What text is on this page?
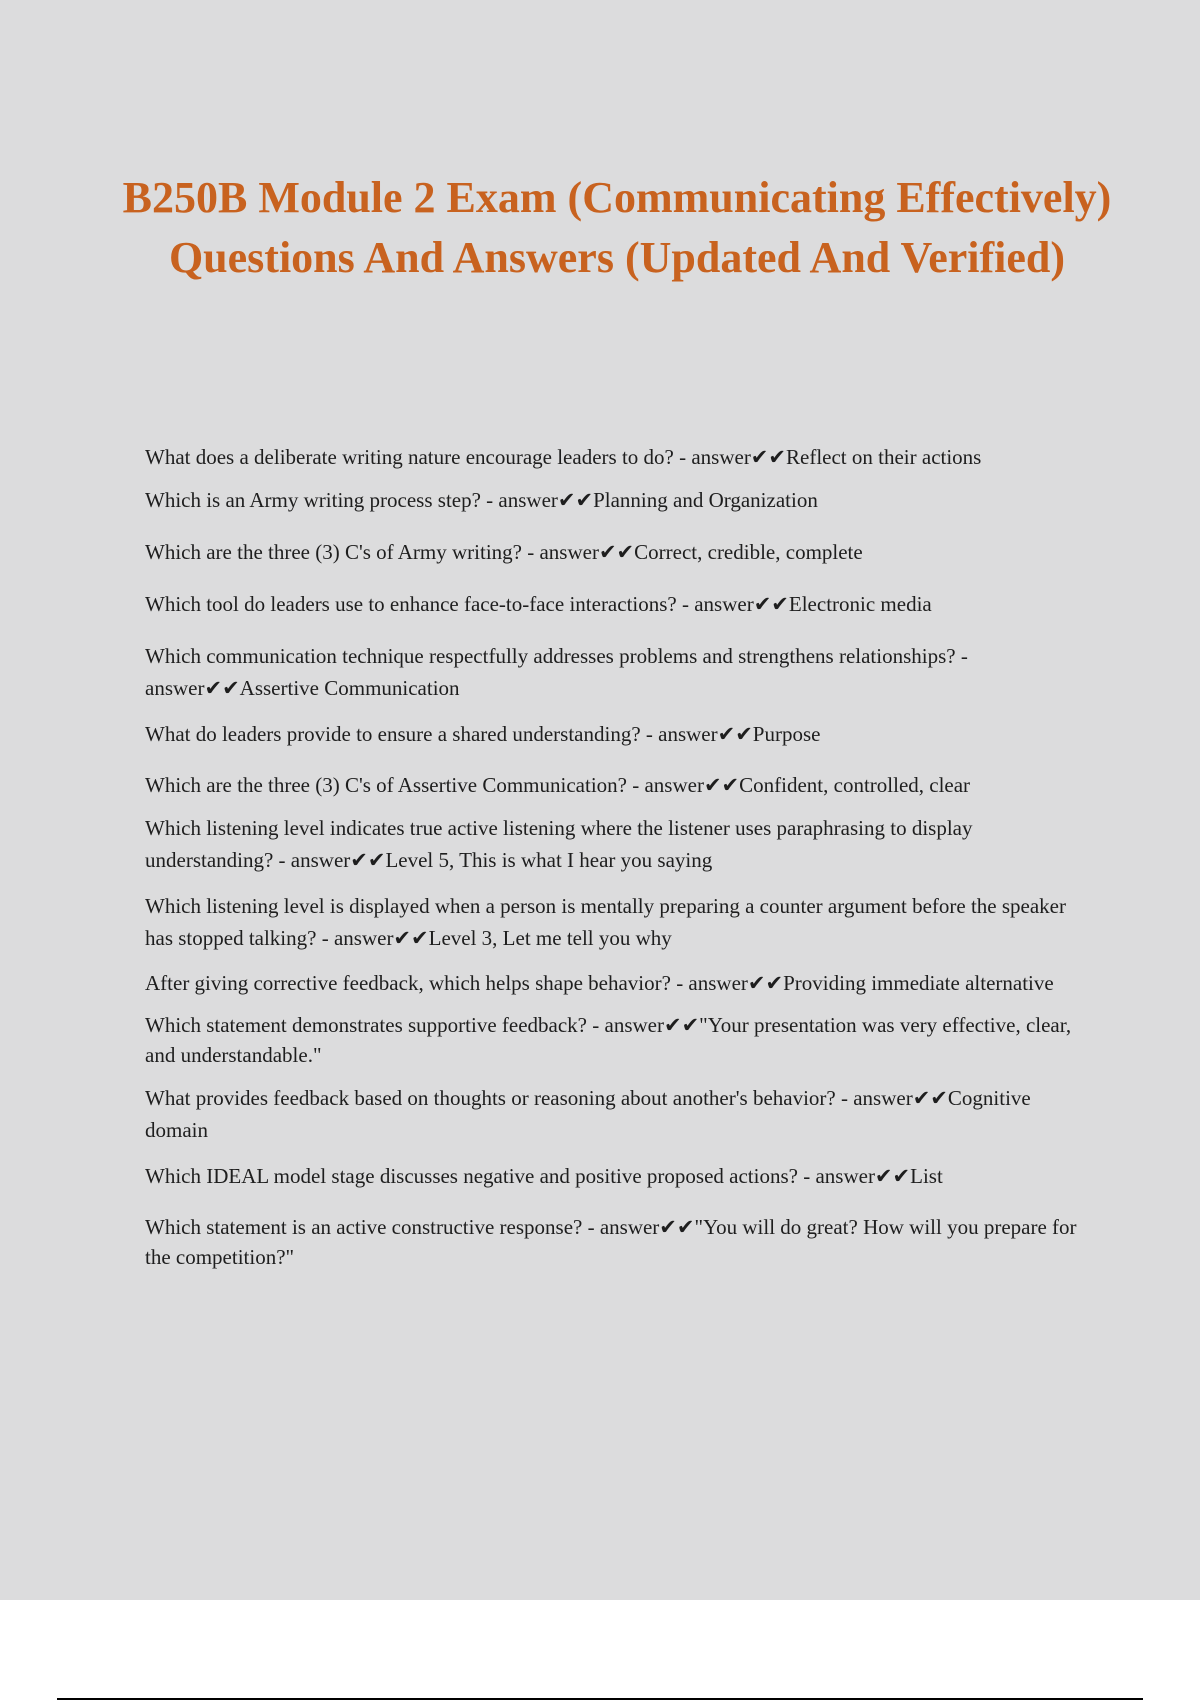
B250B Module 2 Exam (Communicating Effectively) Questions And Answers (Updated And Verified)
What does a deliberate writing nature encourage leaders to do? - answer✔✔Reflect on their actions
Which is an Army writing process step? - answer✔✔Planning and Organization
Which are the three (3) C's of Army writing? - answer✔✔Correct, credible, complete
Which tool do leaders use to enhance face-to-face interactions? - answer✔✔Electronic media
Which communication technique respectfully addresses problems and strengthens relationships? - answer✔✔Assertive Communication
What do leaders provide to ensure a shared understanding? - answer✔✔Purpose
Which are the three (3) C's of Assertive Communication? - answer✔✔Confident, controlled, clear
Which listening level indicates true active listening where the listener uses paraphrasing to display understanding? - answer✔✔Level 5, This is what I hear you saying
Which listening level is displayed when a person is mentally preparing a counter argument before the speaker has stopped talking? - answer✔✔Level 3, Let me tell you why
After giving corrective feedback, which helps shape behavior? - answer✔✔Providing immediate alternative
Which statement demonstrates supportive feedback? - answer✔✔"Your presentation was very effective, clear, and understandable."
What provides feedback based on thoughts or reasoning about another's behavior? - answer✔✔Cognitive domain
Which IDEAL model stage discusses negative and positive proposed actions? - answer✔✔List
Which statement is an active constructive response? - answer✔✔"You will do great? How will you prepare for the competition?"
